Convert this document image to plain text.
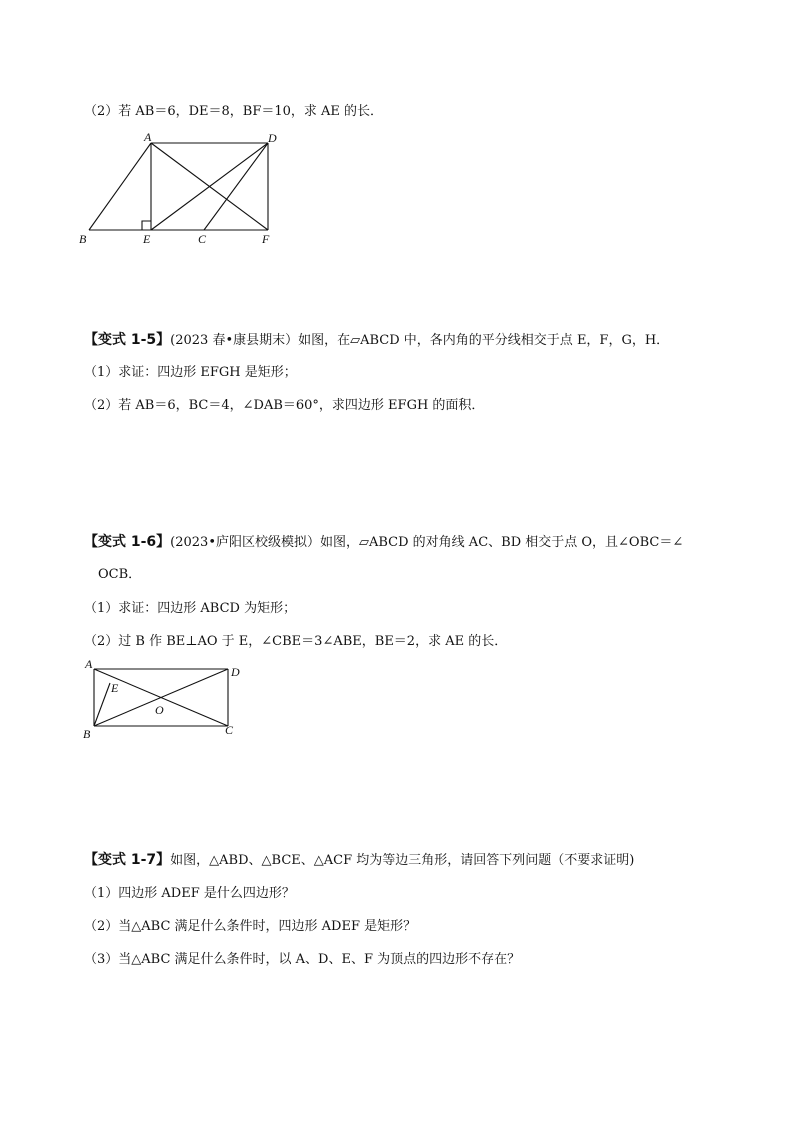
（2）若 AB＝6，DE＝8，BF＝10，求 AE 的长．
A	D
B	E	C	F
【变式 1-5】(2023 春•康县期末）如图，在▱ABCD 中，各内角的平分线相交于点 E，F，G，H．
（1）求证：四边形 EFGH 是矩形；
（2）若 AB＝6，BC＝4，∠DAB＝60°，求四边形 EFGH 的面积．
【变式 1-6】(2023•庐阳区校级模拟）如图，▱ABCD 的对角线 AC、BD 相交于点 O，且∠OBC＝∠
OCB．
（1）求证：四边形 ABCD 为矩形；
（2）过 B 作 BE⊥AO 于 E，∠CBE＝3∠ABE，BE＝2，求 AE 的长．
A
D
E
O
B	C
【变式 1-7】如图，△ABD、△BCE、△ACF 均为等边三角形，请回答下列问题（不要求证明)
（1）四边形 ADEF 是什么四边形？
（2）当△ABC 满足什么条件时，四边形 ADEF 是矩形？
（3）当△ABC 满足什么条件时，以 A、D、E、F 为顶点的四边形不存在？
